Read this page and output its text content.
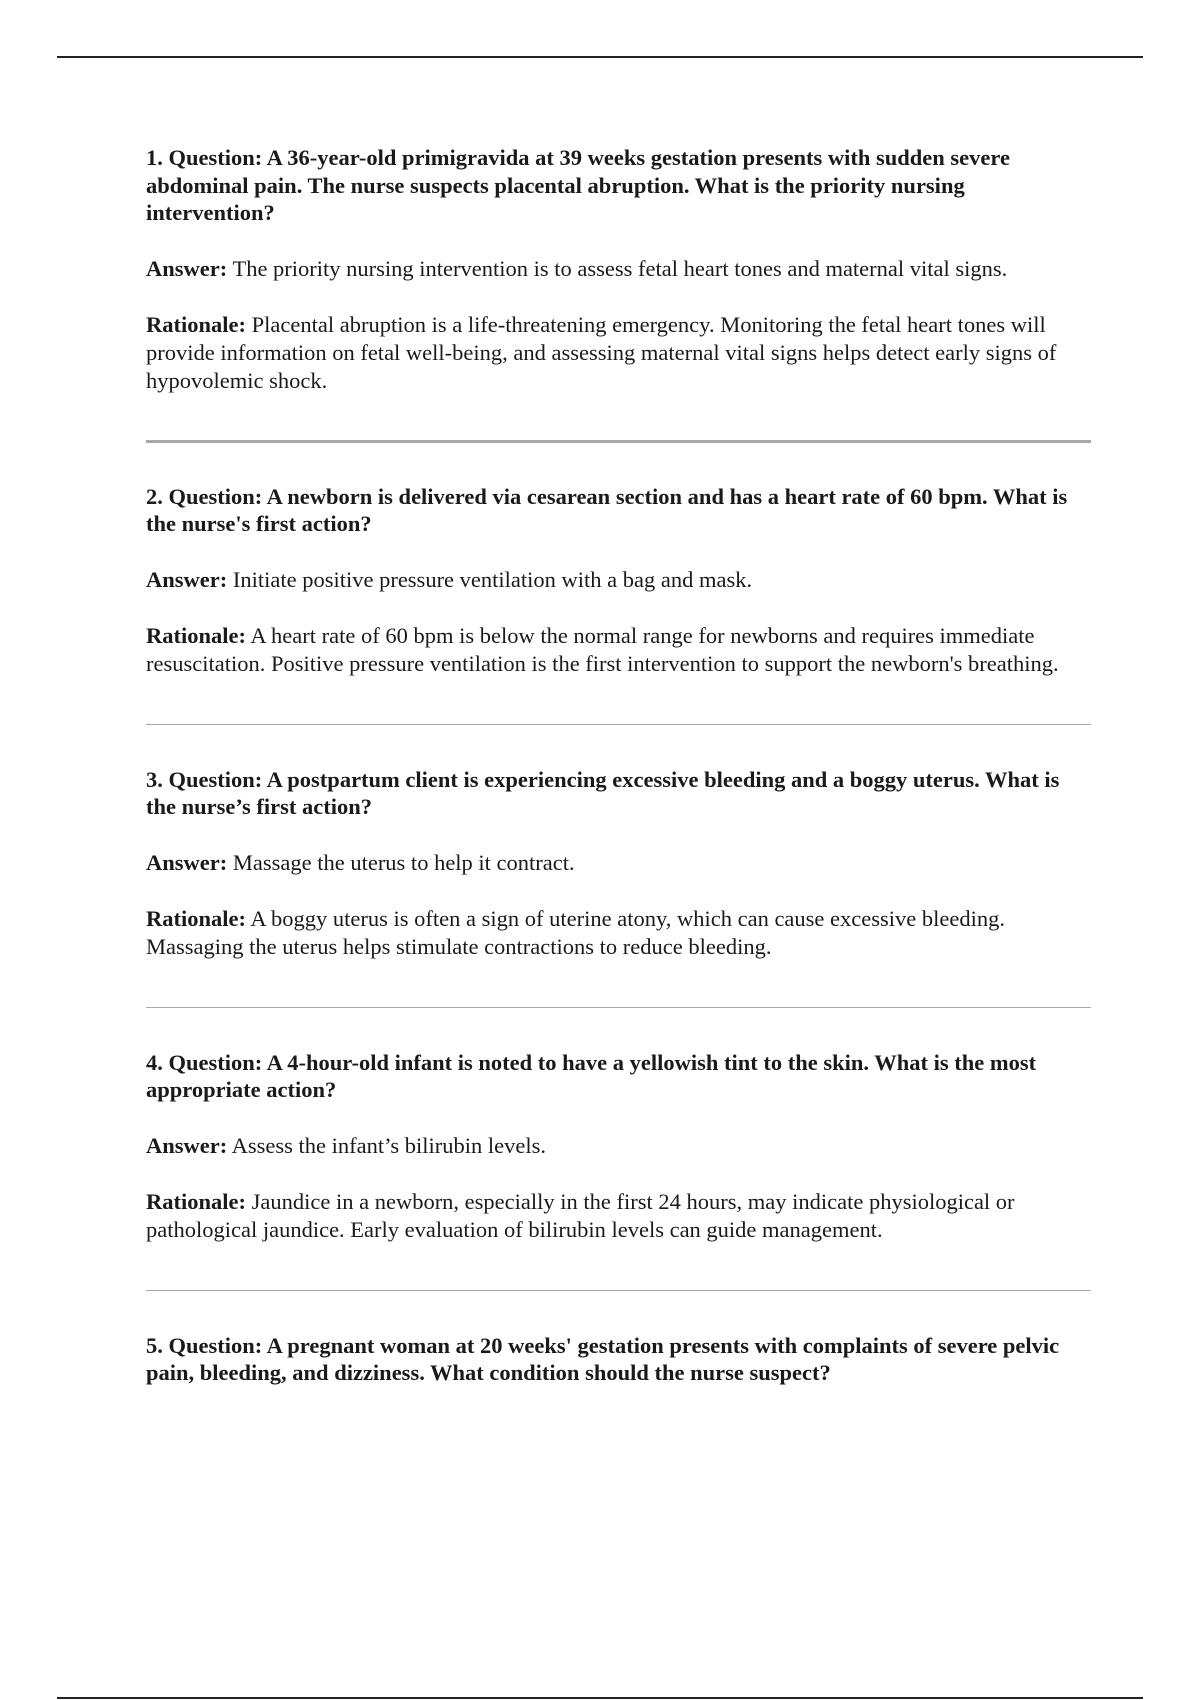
1. Question: A 36-year-old primigravida at 39 weeks gestation presents with sudden severe abdominal pain. The nurse suspects placental abruption. What is the priority nursing intervention?

Answer: The priority nursing intervention is to assess fetal heart tones and maternal vital signs.

Rationale: Placental abruption is a life-threatening emergency. Monitoring the fetal heart tones will provide information on fetal well-being, and assessing maternal vital signs helps detect early signs of hypovolemic shock.

2. Question: A newborn is delivered via cesarean section and has a heart rate of 60 bpm. What is the nurse's first action?

Answer: Initiate positive pressure ventilation with a bag and mask.

Rationale: A heart rate of 60 bpm is below the normal range for newborns and requires immediate resuscitation. Positive pressure ventilation is the first intervention to support the newborn's breathing.

3. Question: A postpartum client is experiencing excessive bleeding and a boggy uterus. What is the nurse’s first action?

Answer: Massage the uterus to help it contract.

Rationale: A boggy uterus is often a sign of uterine atony, which can cause excessive bleeding. Massaging the uterus helps stimulate contractions to reduce bleeding.

4. Question: A 4-hour-old infant is noted to have a yellowish tint to the skin. What is the most appropriate action?

Answer: Assess the infant’s bilirubin levels.

Rationale: Jaundice in a newborn, especially in the first 24 hours, may indicate physiological or pathological jaundice. Early evaluation of bilirubin levels can guide management.

5. Question: A pregnant woman at 20 weeks' gestation presents with complaints of severe pelvic pain, bleeding, and dizziness. What condition should the nurse suspect?
